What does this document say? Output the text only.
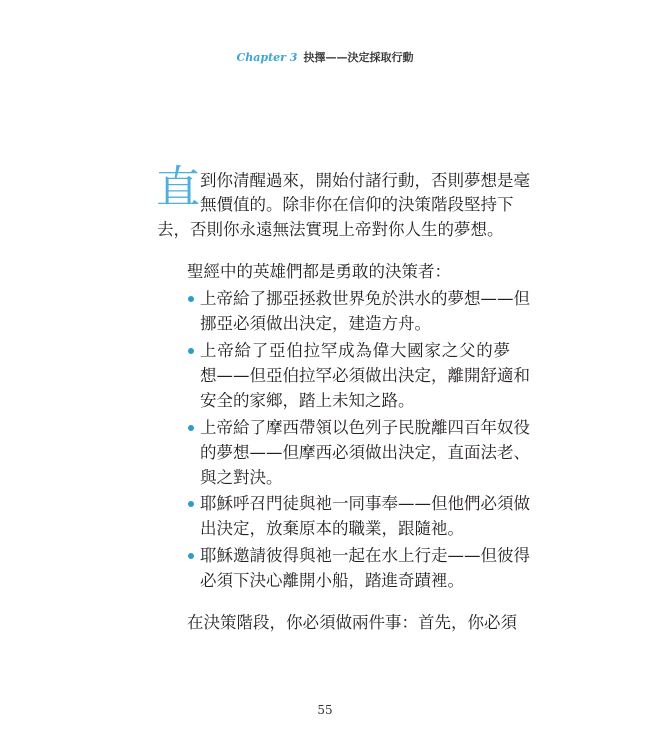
Chapter 3 抉擇——決定採取行動
直 到你清醒過來，開始付諸行動，否則夢想是毫
無價值的。除非你在信仰的決策階段堅持下
去，否則你永遠無法實現上帝對你人生的夢想。
聖經中的英雄們都是勇敢的決策者：
上帝給了挪亞拯救世界免於洪水的夢想——但
挪亞必須做出決定，建造方舟。
上帝給了亞伯拉罕成為偉大國家之父的夢
想——但亞伯拉罕必須做出決定，離開舒適和
安全的家鄉，踏上未知之路。
上帝給了摩西帶領以色列子民脫離四百年奴役
的夢想——但摩西必須做出決定，直面法老、
與之對決。
耶穌呼召門徒與祂一同事奉——但他們必須做
出決定，放棄原本的職業，跟隨祂。
耶穌邀請彼得與祂一起在水上行走——但彼得
必須下決心離開小船，踏進奇蹟裡。
在決策階段，你必須做兩件事：首先，你必須
55
